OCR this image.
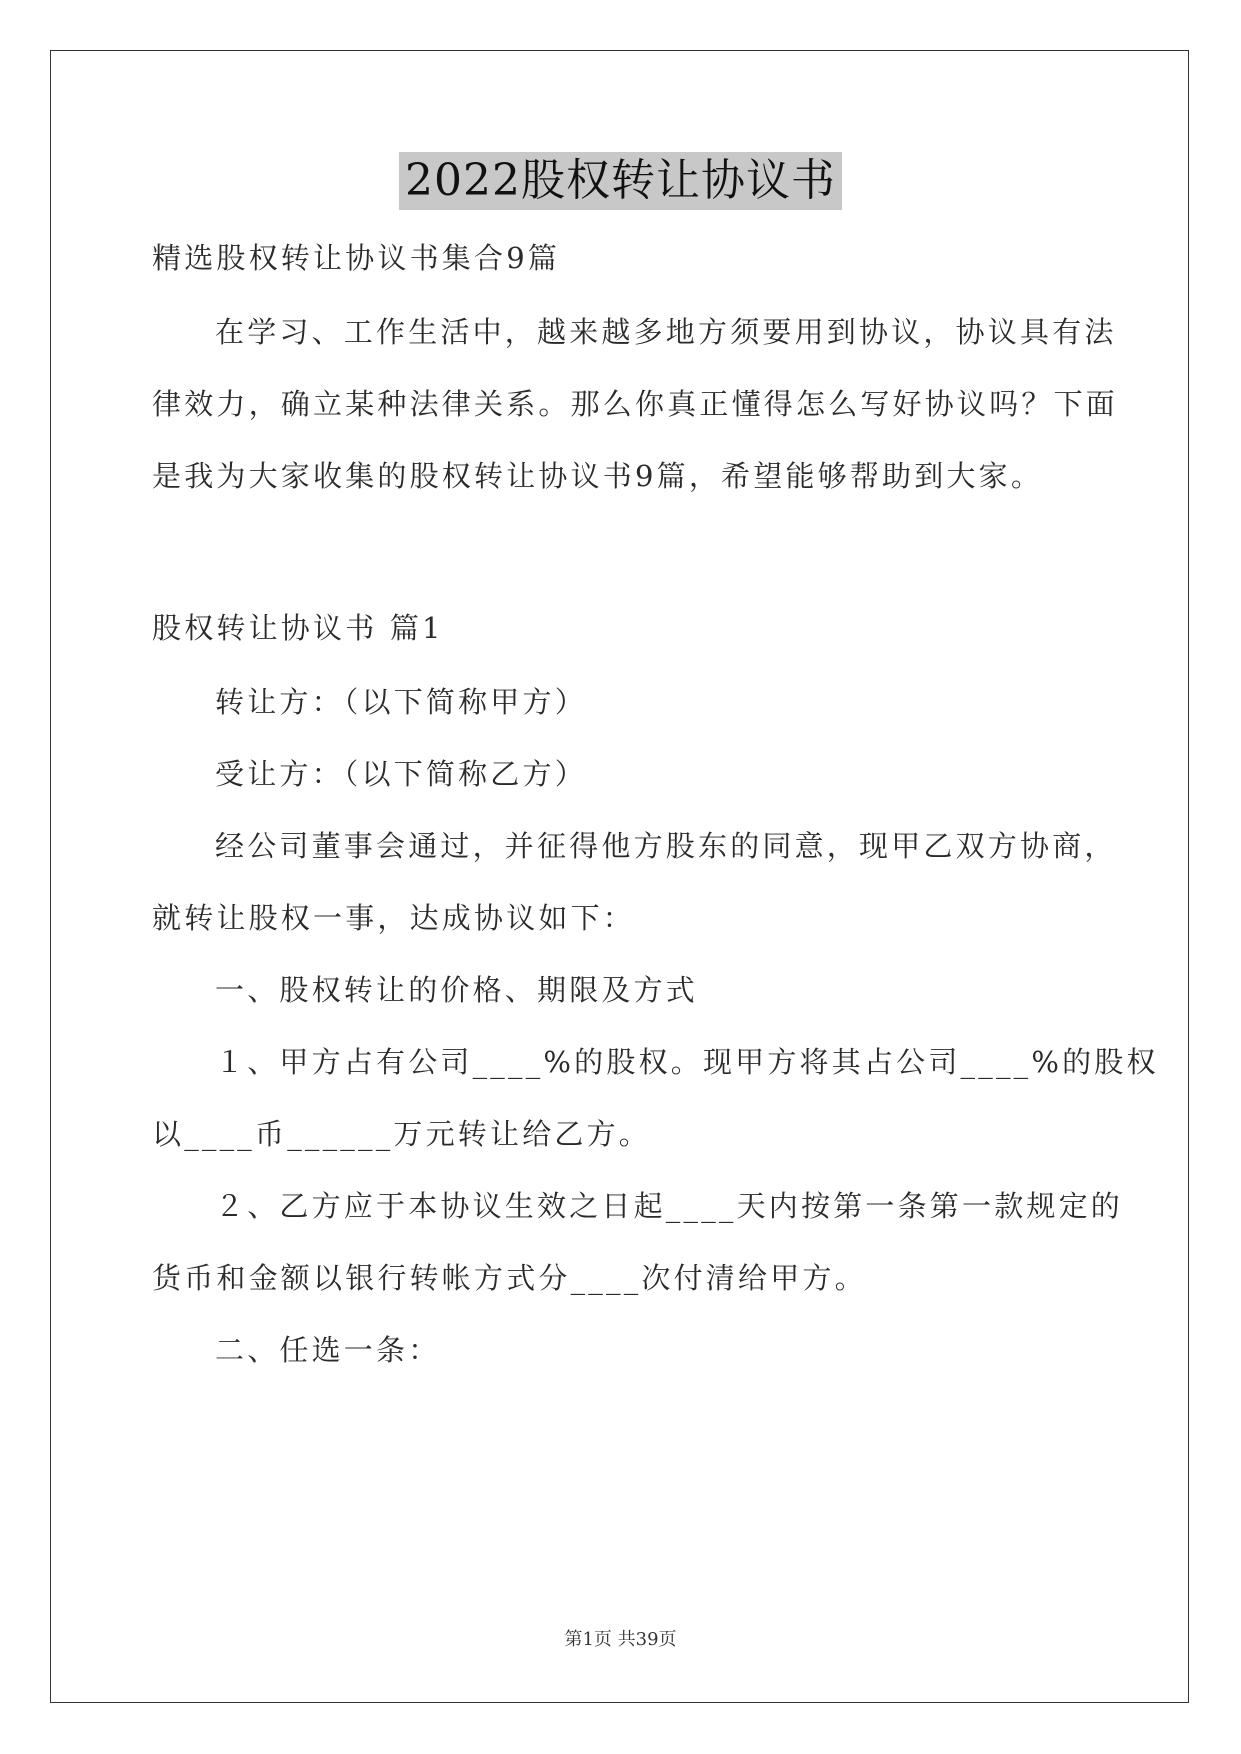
2022股权转让协议书
精选股权转让协议书集合9篇
在学习、工作生活中，越来越多地方须要用到协议，协议具有法
律效力，确立某种法律关系。那么你真正懂得怎么写好协议吗？下面
是我为大家收集的股权转让协议书9篇，希望能够帮助到大家。
股权转让协议书 篇1
转让方：（以下简称甲方）
受让方：（以下简称乙方）
经公司董事会通过，并征得他方股东的同意，现甲乙双方协商，
就转让股权一事，达成协议如下：
一、股权转让的价格、期限及方式
１、甲方占有公司____%的股权。现甲方将其占公司____%的股权
以____币______万元转让给乙方。
２、乙方应于本协议生效之日起____天内按第一条第一款规定的
货币和金额以银行转帐方式分____次付清给甲方。
二、任选一条：
第1页 共39页
